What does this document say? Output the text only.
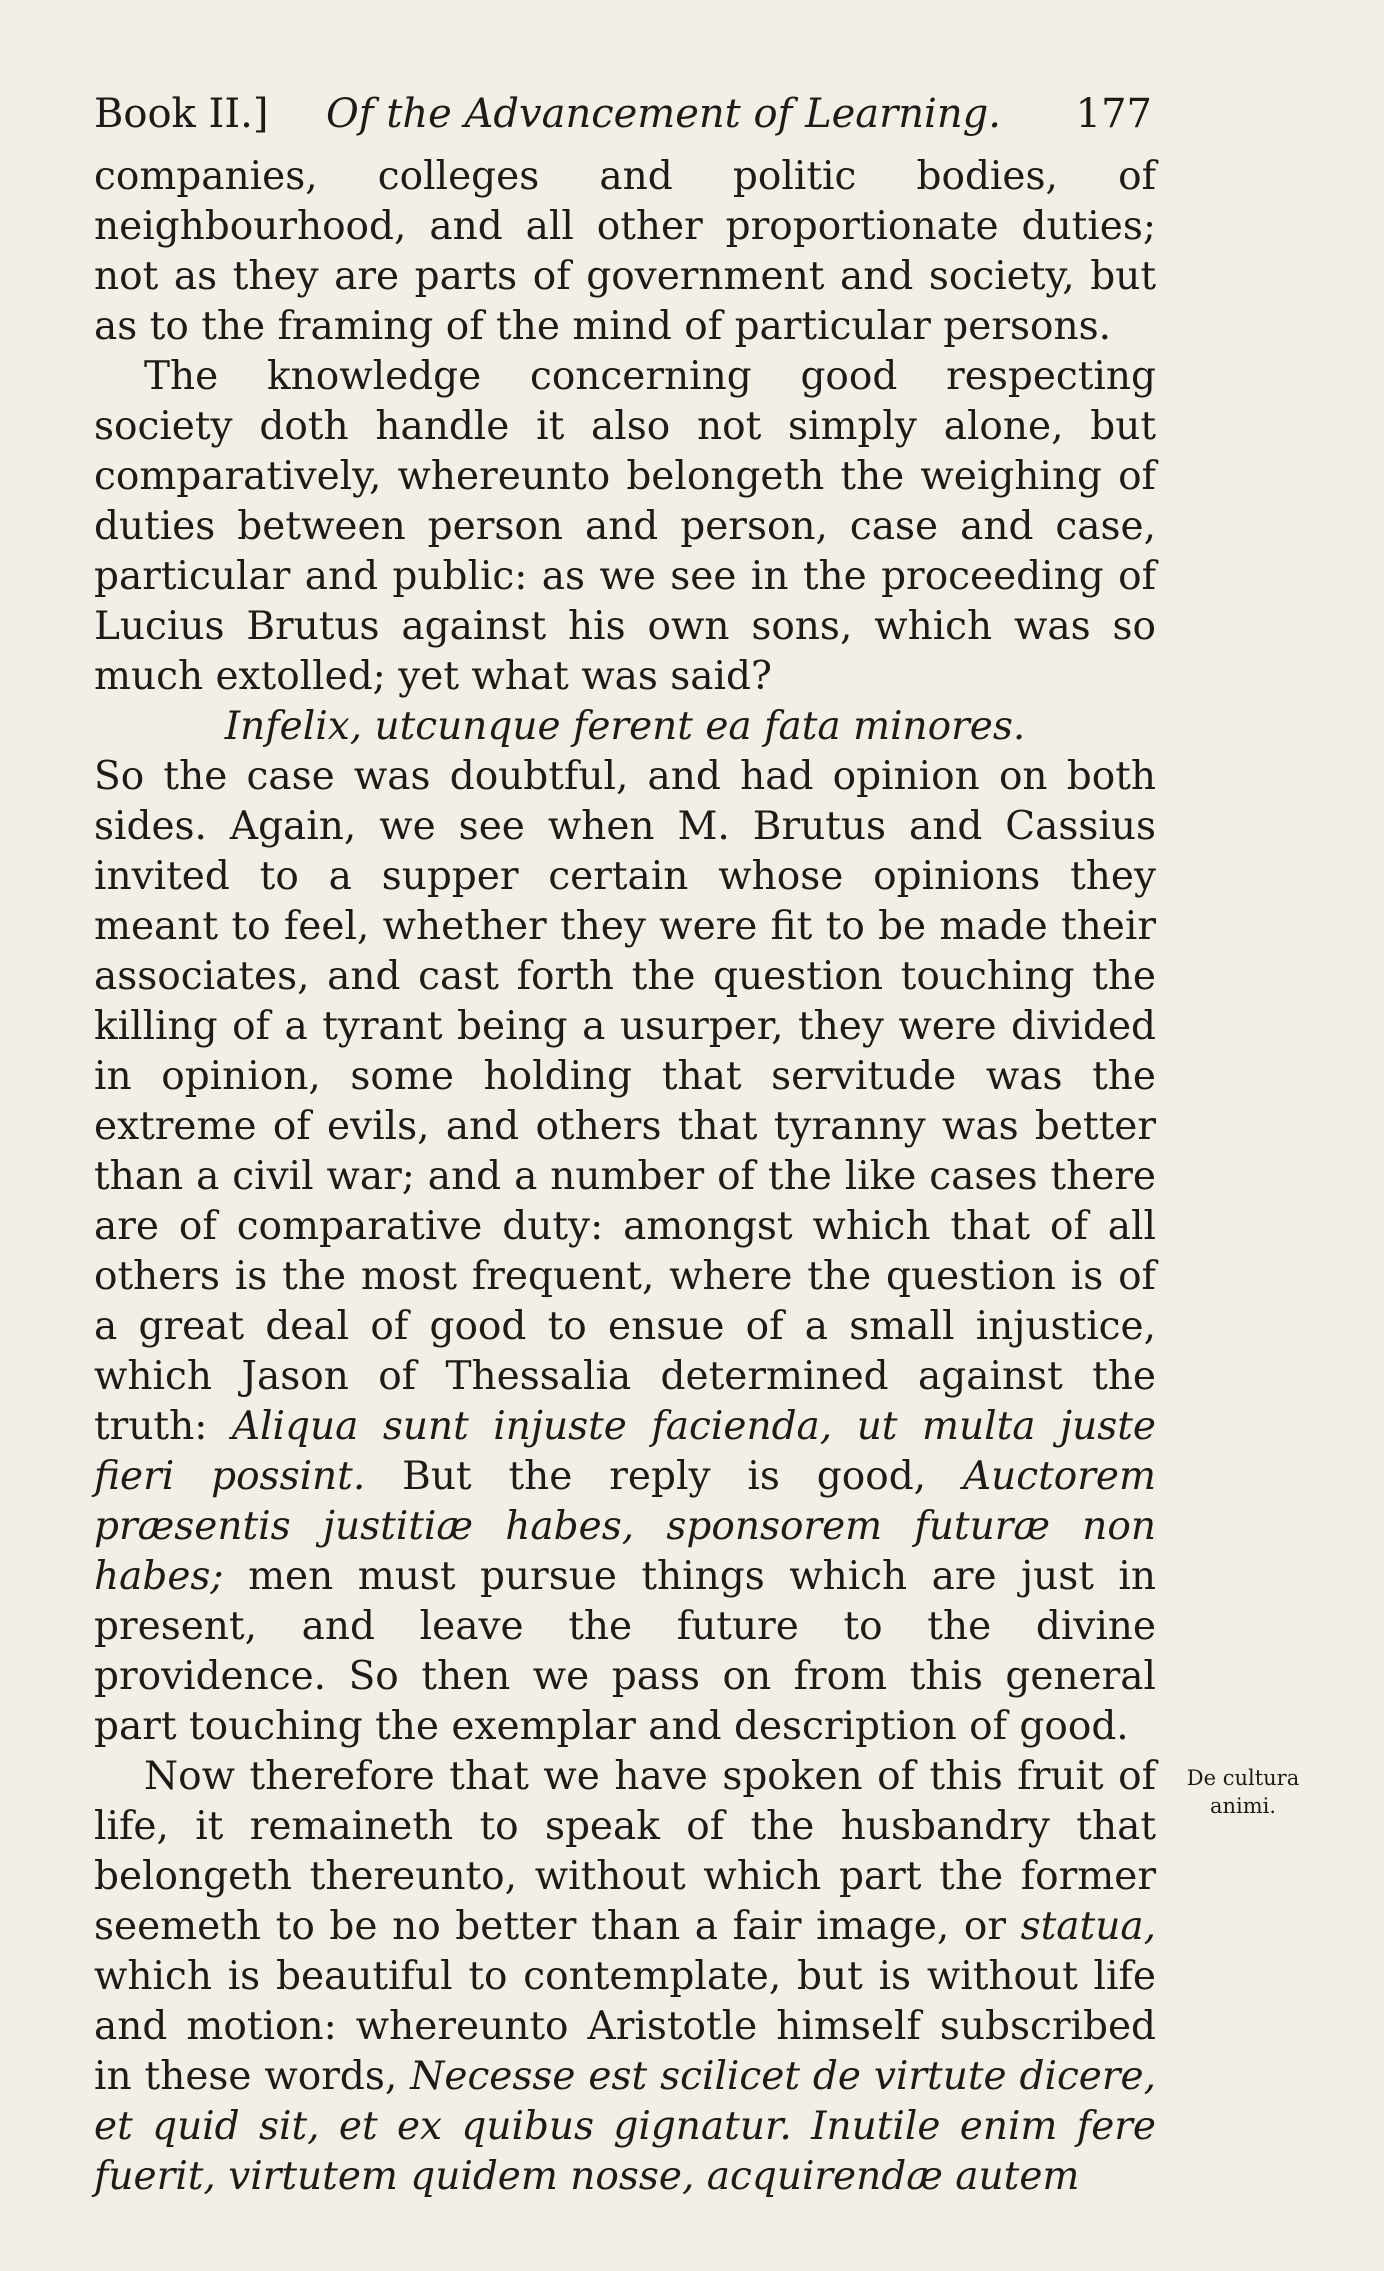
Book II.] Of the Advancement of Learning. 177

companies, colleges and politic bodies, of neighbourhood, and all other proportionate duties; not as they are parts of government and society, but as to the framing of the mind of particular persons.

The knowledge concerning good respecting society doth handle it also not simply alone, but comparatively, whereunto belongeth the weighing of duties between person and person, case and case, particular and public: as we see in the proceeding of Lucius Brutus against his own sons, which was so much extolled; yet what was said?

Infelix, utcunque ferent ea fata minores.

So the case was doubtful, and had opinion on both sides. Again, we see when M. Brutus and Cassius invited to a supper certain whose opinions they meant to feel, whether they were fit to be made their associates, and cast forth the question touching the killing of a tyrant being a usurper, they were divided in opinion, some holding that servitude was the extreme of evils, and others that tyranny was better than a civil war; and a number of the like cases there are of comparative duty: amongst which that of all others is the most frequent, where the question is of a great deal of good to ensue of a small injustice, which Jason of Thessalia determined against the truth: Aliqua sunt injuste facienda, ut multa juste fieri possint. But the reply is good, Auctorem præsentis justitiæ habes, sponsorem futuræ non habes; men must pursue things which are just in present, and leave the future to the divine providence. So then we pass on from this general part touching the exemplar and description of good.

Now therefore that we have spoken of this fruit of life, it remaineth to speak of the husbandry that belongeth thereunto, without which part the former seemeth to be no better than a fair image, or statua, which is beautiful to contemplate, but is without life and motion: whereunto Aristotle himself subscribed in these words, Necesse est scilicet de virtute dicere, et quid sit, et ex quibus gignatur. Inutile enim fere fuerit, virtutem quidem nosse, acquirendæ autem

De cultura
animi.
